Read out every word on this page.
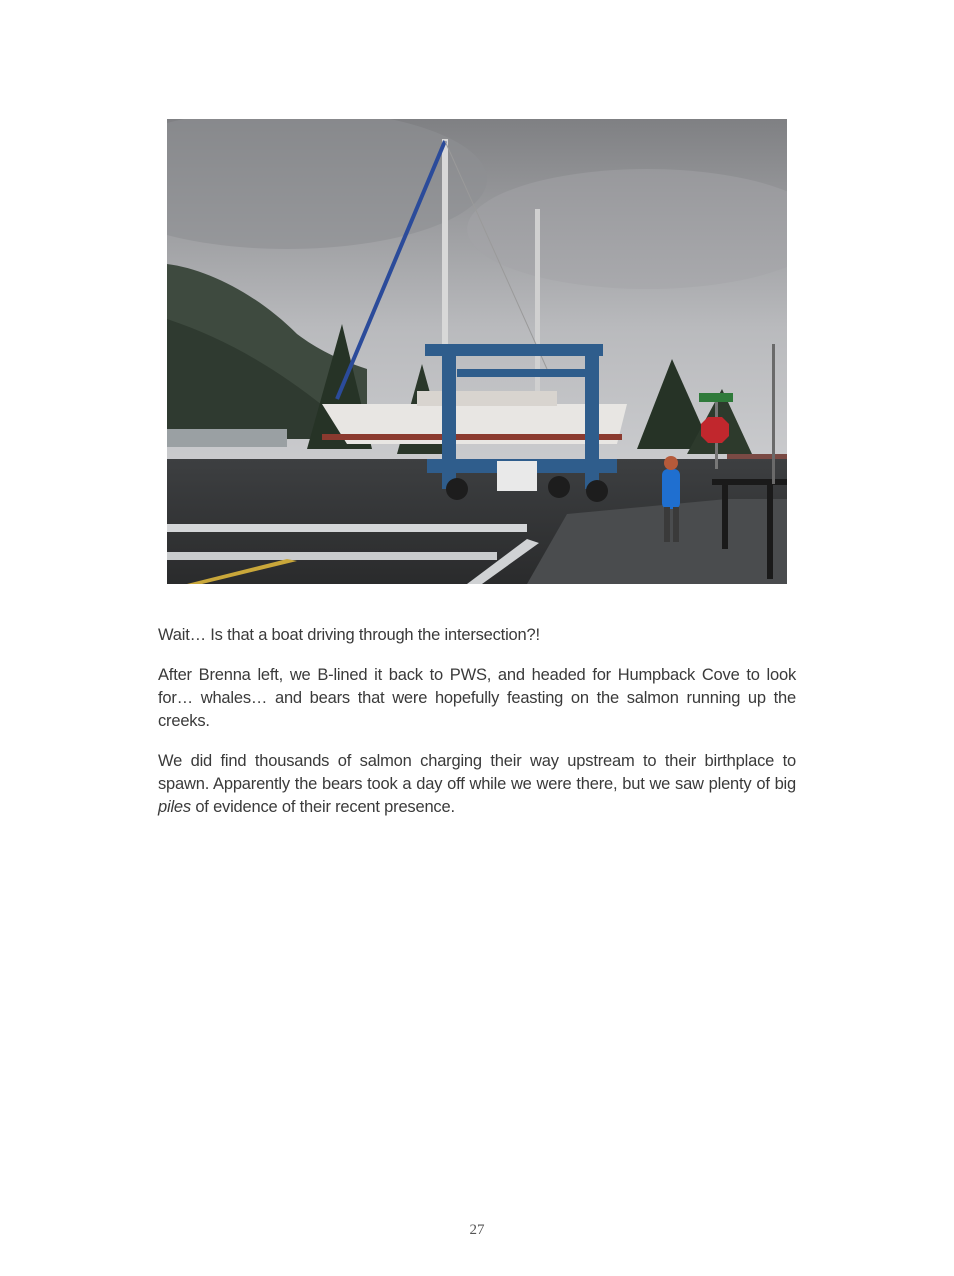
Wait… Is that a boat driving through the intersection?!

After Brenna left, we B-lined it back to PWS, and headed for Humpback Cove to look for… whales… and bears that were hopefully feasting on the salmon running up the creeks.

We did find thousands of salmon charging their way upstream to their birthplace to spawn. Apparently the bears took a day off while we were there, but we saw plenty of big piles of evidence of their recent presence.

27
